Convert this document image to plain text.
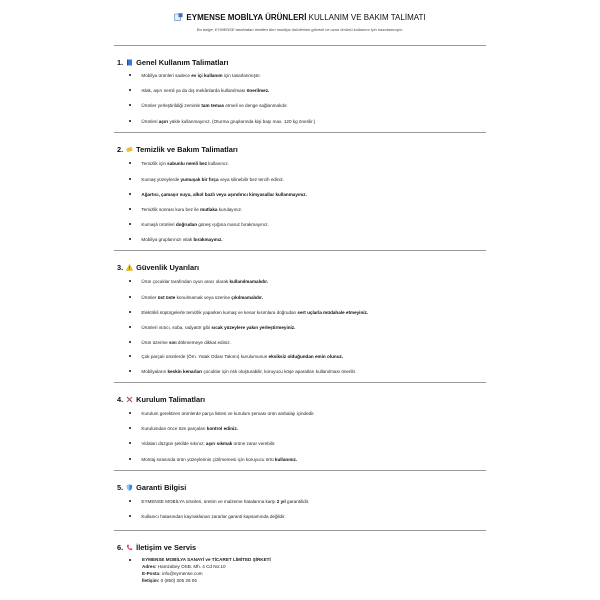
EYMENSE MOBİLYA ÜRÜNLERİ KULLANIM VE BAKIM TALİMATI
Bu belge, EYMENSE tarafından üretilen tüm mobilya ürünlerinin güvenli ve uzun ömürlü kullanımı için hazırlanmıştır.
1. Genel Kullanım Talimatları
Mobilya ürünleri sadece ev içi kullanım için tasarlanmıştır.
Islak, aşırı nemli ya da dış mekânlarda kullanılması önerilmez.
Ürünler yerleştirildiği zeminle tam temas etmeli ve denge sağlanmalıdır.
Ürünleri aşırı yükle kullanmayınız. (Oturma gruplarında kişi başı max. 120 kg önerilir.)
2. Temizlik ve Bakım Talimatları
Temizlik için sabunlu nemli bez kullanınız.
Kumaş yüzeylerde yumuşak bir fırça veya silinebilir bez tercih ediniz.
Ağartıcı, çamaşır suyu, alkol bazlı veya aşındırıcı kimyasallar kullanmayınız.
Temizlik sonrası kuru bez ile mutlaka kurulayınız.
Kumaşlı ürünleri doğrudan güneş ışığına maruz bırakmayınız.
Mobilya gruplarınızı ıslak bırakmayınız.
3. Güvenlik Uyarıları
Ürün çocuklar tarafından oyun aracı olarak kullanılmamalıdır.
Ürünler üst üste konulmamak veya üzerine çıkılmamalıdır.
Elektrikli süpürgelerle temizlik yaparken kumaş ve kenar kısımlara doğrudan sert uçlarla müdahale etmeyiniz.
Ürünleri ısıtıcı, soba, radyatör gibi sıcak yüzeylere yakın yerleştirmeyiniz.
Ürün üzerine sıvı dökmemeye dikkat ediniz.
Çok parçalı ürünlerde (Örn. Yatak Odası Takımı) kurulumunun eksiksiz olduğundan emin olunuz.
Mobilyaların keskin kenarları çocuklar için risk oluşturabilir, koruyucu köşe aparatları kullanılması önerilir.
4. Kurulum Talimatları
Kurulum gerektiren ürünlerde parça listesi ve kurulum şeması ürün ambalajı içindedir.
Kurulumdan önce tüm parçaları kontrol ediniz.
Vidaları düzgün şekilde sıkınız; aşırı sıkmak ürüne zarar verebilir.
Montaj sırasında ürün yüzeylerinin çizilmemesi için koruyucu örtü kullanınız.
5. Garanti Bilgisi
EYMENSE MOBİLYA ürünleri, üretim ve malzeme hatalarına karşı 2 yıl garantilidir.
Kullanıcı hatasından kaynaklanan zararlar garanti kapsamında değildir.
6. İletişim ve Servis
EYMENSE MOBİLYA SANAYİ ve TİCARET LİMİTED ŞİRKETİ
Adres: Hamzabey OSB. Mh. 4 Cd No:10
E-Posta: info@eymense.com
İletişim: 0 (850) 305 26 06
